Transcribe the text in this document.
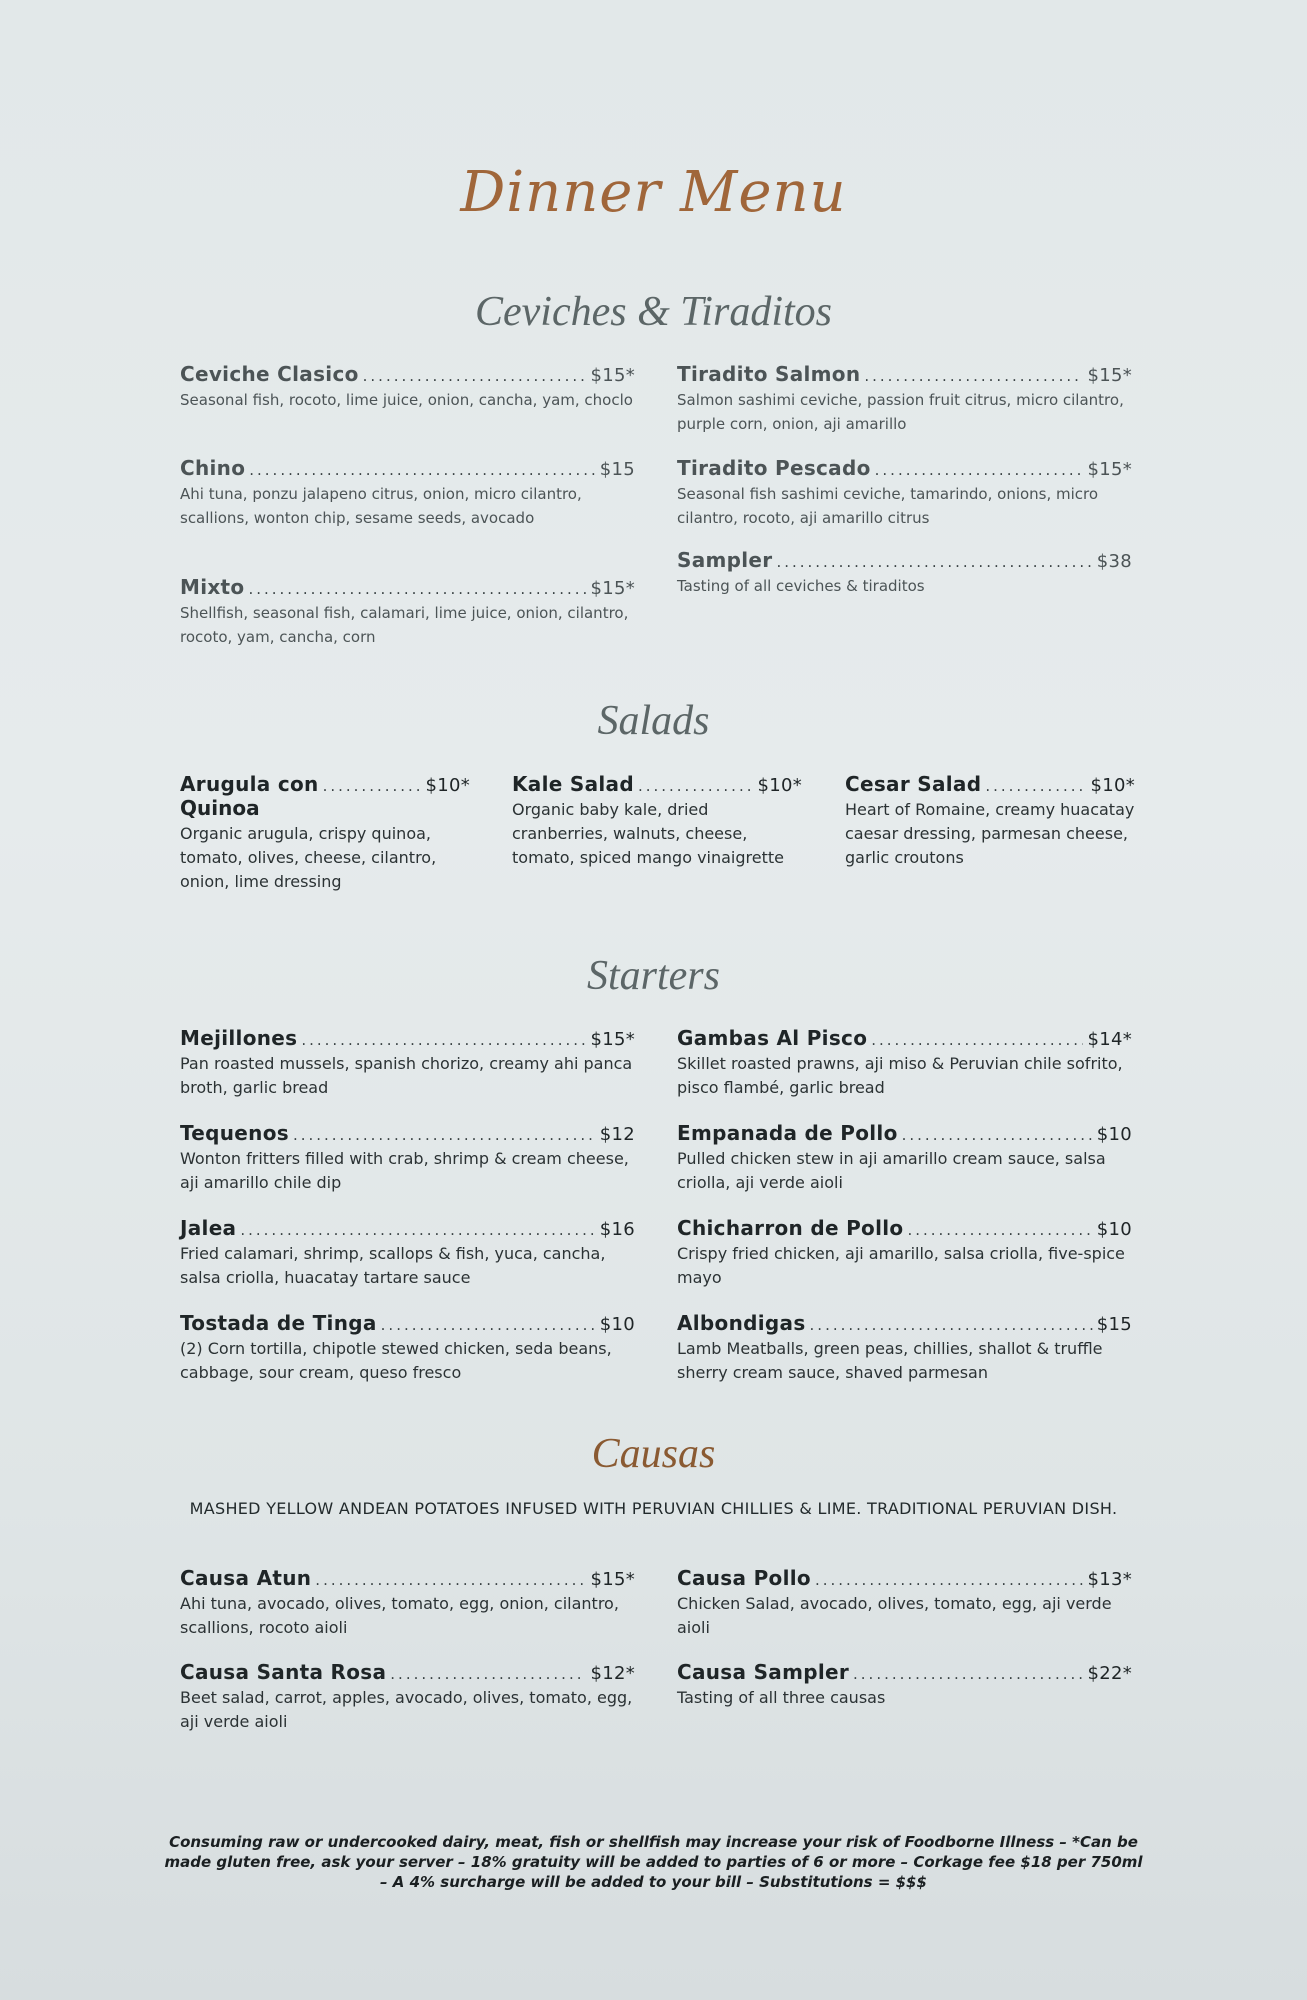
Dinner Menu
Ceviches & Tiraditos
Ceviche Clasico .....	$15*
Seasonal fish, rocoto, lime juice, onion, cancha, yam, choclo
Chino .....	$15
Ahi tuna, ponzu jalapeno citrus, onion, micro cilantro, scallions, wonton chip, sesame seeds, avocado
Mixto .....	$15*
Shellfish, seasonal fish, calamari, lime juice, onion, cilantro, rocoto, yam, cancha, corn
Tiradito Salmon .....	$15*
Salmon sashimi ceviche, passion fruit citrus, micro cilantro, purple corn, onion, aji amarillo
Tiradito Pescado .....	$15*
Seasonal fish sashimi ceviche, tamarindo, onions, micro cilantro, rocoto, aji amarillo citrus
Sampler .....	$38
Tasting of all ceviches & tiraditos
Salads
Arugula con .....	$10*
Quinoa
Organic arugula, crispy quinoa, tomato, olives, cheese, cilantro, onion, lime dressing
Kale Salad .....	$10*
Organic baby kale, dried cranberries, walnuts, cheese, tomato, spiced mango vinaigrette
Cesar Salad .....	$10*
Heart of Romaine, creamy huacatay caesar dressing, parmesan cheese, garlic croutons
Starters
Mejillones .....	$15*
Pan roasted mussels, spanish chorizo, creamy ahi panca broth, garlic bread
Tequenos .....	$12
Wonton fritters filled with crab, shrimp & cream cheese, aji amarillo chile dip
Jalea .....	$16
Fried calamari, shrimp, scallops & fish, yuca, cancha, salsa criolla, huacatay tartare sauce
Tostada de Tinga .....	$10
(2) Corn tortilla, chipotle stewed chicken, seda beans, cabbage, sour cream, queso fresco
Gambas Al Pisco .....	$14*
Skillet roasted prawns, aji miso & Peruvian chile sofrito, pisco flambé, garlic bread
Empanada de Pollo .....	$10
Pulled chicken stew in aji amarillo cream sauce, salsa criolla, aji verde aioli
Chicharron de Pollo .....	$10
Crispy fried chicken, aji amarillo, salsa criolla, five-spice mayo
Albondigas .....	$15
Lamb Meatballs, green peas, chillies, shallot & truffle sherry cream sauce, shaved parmesan
Causas
MASHED YELLOW ANDEAN POTATOES INFUSED WITH PERUVIAN CHILLIES & LIME. TRADITIONAL PERUVIAN DISH.
Causa Atun .....	$15*
Ahi tuna, avocado, olives, tomato, egg, onion, cilantro, scallions, rocoto aioli
Causa Santa Rosa .....	$12*
Beet salad, carrot, apples, avocado, olives, tomato, egg, aji verde aioli
Causa Pollo .....	$13*
Chicken Salad, avocado, olives, tomato, egg, aji verde aioli
Causa Sampler .....	$22*
Tasting of all three causas
Consuming raw or undercooked dairy, meat, fish or shellfish may increase your risk of Foodborne Illness – *Can be made gluten free, ask your server – 18% gratuity will be added to parties of 6 or more – Corkage fee $18 per 750ml – A 4% surcharge will be added to your bill – Substitutions = $$$
